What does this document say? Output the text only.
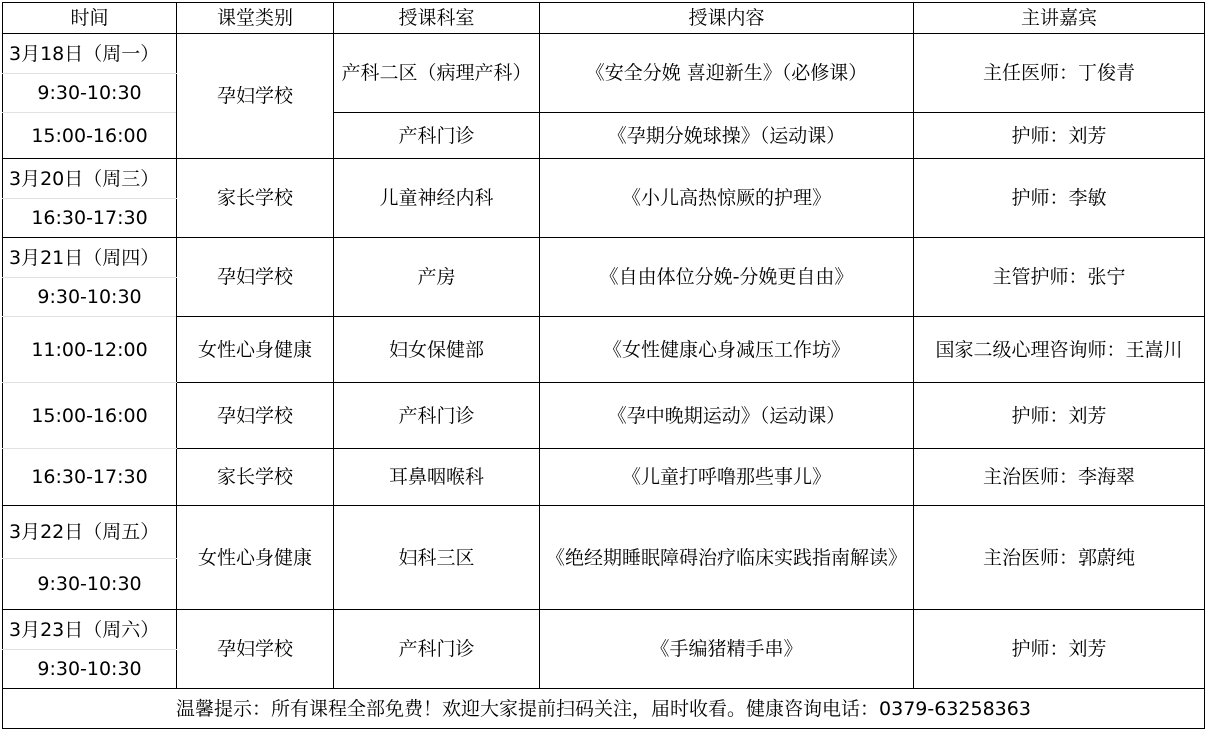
时间	课堂类别	授课科室	授课内容	主讲嘉宾
3月18日（周一）	孕妇学校	产科二区（病理产科）	《安全分娩 喜迎新生》（必修课）	主任医师：丁俊青
9:30-10:30				
15:00-16:00		产科门诊	《孕期分娩球操》（运动课）	护师：刘芳
3月20日（周三）	家长学校	儿童神经内科	《小儿高热惊厥的护理》	护师：李敏
16:30-17:30				
3月21日（周四）	孕妇学校	产房	《自由体位分娩-分娩更自由》	主管护师：张宁
9:30-10:30				
11:00-12:00	女性心身健康	妇女保健部	《女性健康心身减压工作坊》	国家二级心理咨询师：王嵩川
15:00-16:00	孕妇学校	产科门诊	《孕中晚期运动》（运动课）	护师：刘芳
16:30-17:30	家长学校	耳鼻咽喉科	《儿童打呼噜那些事儿》	主治医师：李海翠
3月22日（周五）	女性心身健康	妇科三区	《绝经期睡眠障碍治疗临床实践指南解读》	主治医师：郭蔚纯
9:30-10:30				
3月23日（周六）	孕妇学校	产科门诊	《手编猪精手串》	护师：刘芳
9:30-10:30				
温馨提示：所有课程全部免费！欢迎大家提前扫码关注，届时收看。健康咨询电话：0379-63258363				
